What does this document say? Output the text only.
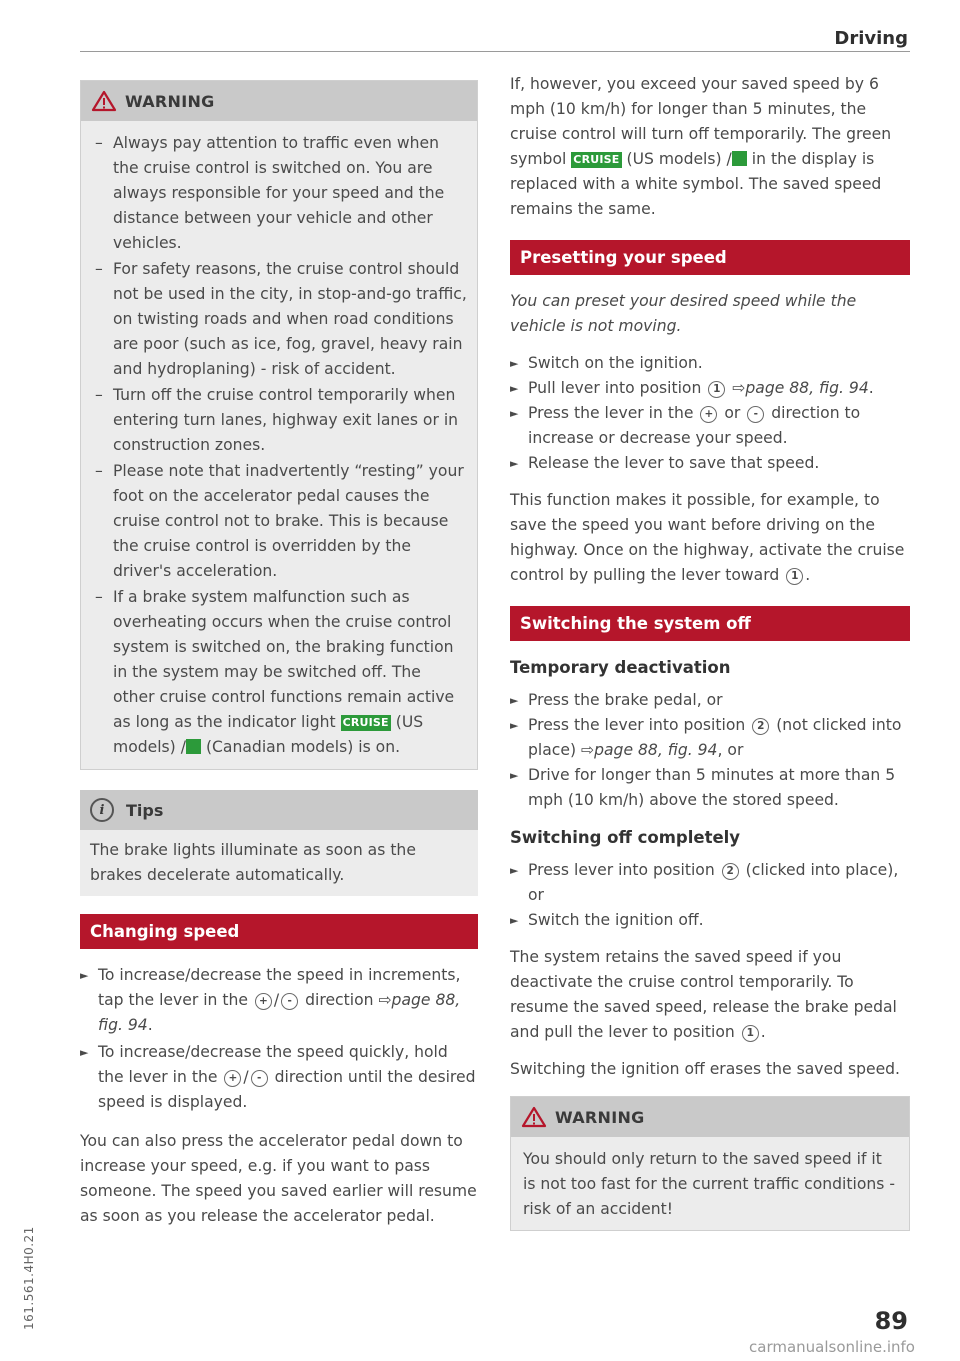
Driving
WARNING
– Always pay attention to traffic even when the cruise control is switched on. You are always responsible for your speed and the distance between your vehicle and other vehicles.
– For safety reasons, the cruise control should not be used in the city, in stop-and-go traffic, on twisting roads and when road conditions are poor (such as ice, fog, gravel, heavy rain and hydroplaning) - risk of accident.
– Turn off the cruise control temporarily when entering turn lanes, highway exit lanes or in construction zones.
– Please note that inadvertently “resting” your foot on the accelerator pedal causes the cruise control not to brake. This is because the cruise control is overridden by the driver's acceleration.
– If a brake system malfunction such as overheating occurs when the cruise control system is switched on, the braking function in the system may be switched off. The other cruise control functions remain active as long as the indicator light CRUISE (US models) / (Canadian models) is on.
i	Tips
The brake lights illuminate as soon as the brakes decelerate automatically.
Changing speed
► To increase/decrease the speed in increments, tap the lever in the + / - direction ⇨page 88, fig. 94.
► To increase/decrease the speed quickly, hold the lever in the + / - direction until the desired speed is displayed.

You can also press the accelerator pedal down to increase your speed, e.g. if you want to pass someone. The speed you saved earlier will resume as soon as you release the accelerator pedal.

If, however, you exceed your saved speed by 6 mph (10 km/h) for longer than 5 minutes, the cruise control will turn off temporarily. The green symbol CRUISE (US models) / in the display is replaced with a white symbol. The saved speed remains the same.

Presetting your speed

You can preset your desired speed while the vehicle is not moving.

► Switch on the ignition.
► Pull lever into position 1 ⇨page 88, fig. 94.
► Press the lever in the + or - direction to increase or decrease your speed.
► Release the lever to save that speed.

This function makes it possible, for example, to save the speed you want before driving on the highway. Once on the highway, activate the cruise control by pulling the lever toward 1 .

Switching the system off
Temporary deactivation
► Press the brake pedal, or
► Press the lever into position 2 (not clicked into place) ⇨page 88, fig. 94, or
► Drive for longer than 5 minutes at more than 5 mph (10 km/h) above the stored speed.
Switching off completely
► Press lever into position 2 (clicked into place), or
► Switch the ignition off.

The system retains the saved speed if you deactivate the cruise control temporarily. To resume the saved speed, release the brake pedal and pull the lever to position 1 .

Switching the ignition off erases the saved speed.

WARNING
You should only return to the saved speed if it is not too fast for the current traffic conditions - risk of an accident!
161.561.4H0.21	89
carmanualsonline.info
